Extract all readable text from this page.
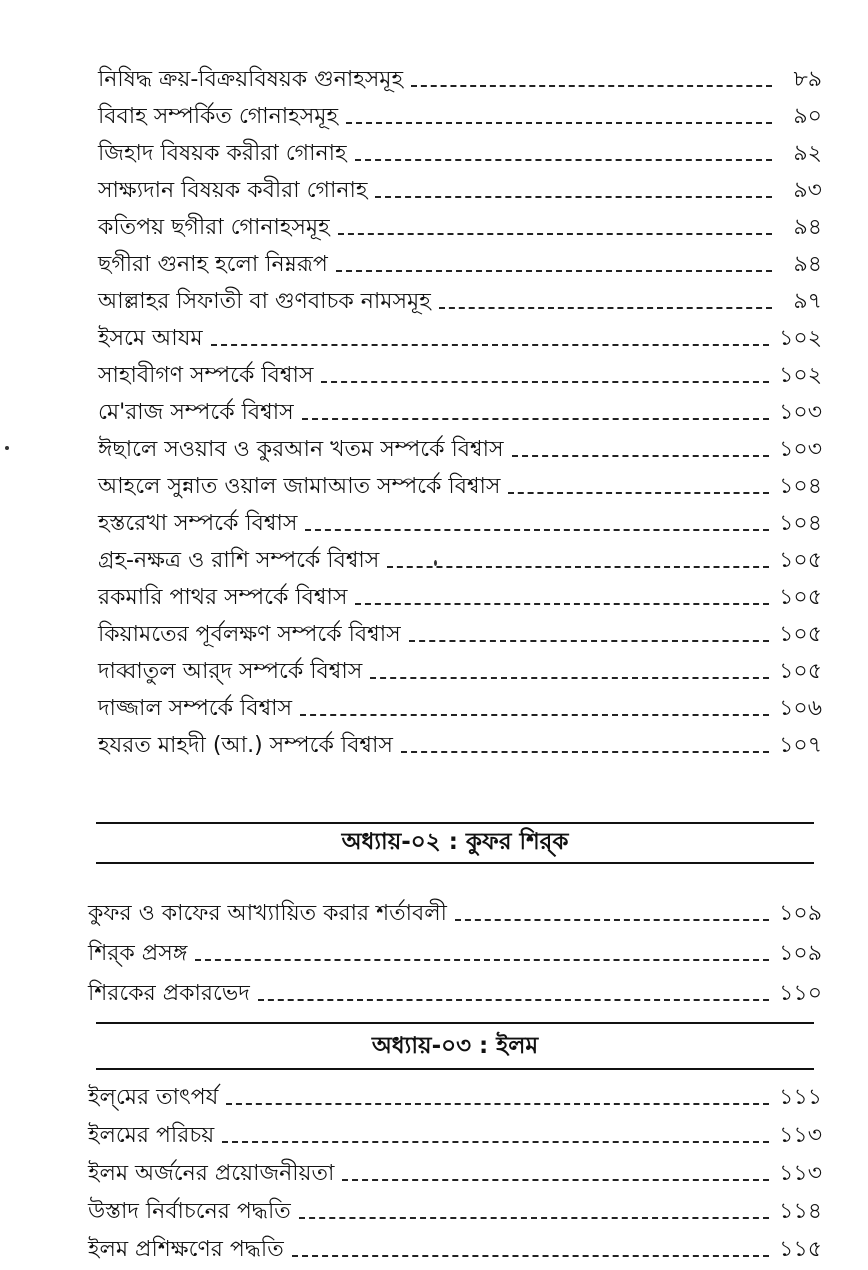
নিষিদ্ধ ক্রয়-বিক্রয়বিষয়ক গুনাহসমূহ	৮৯
বিবাহ সম্পর্কিত গোনাহসমূহ	৯০
জিহাদ বিষয়ক করীরা গোনাহ	৯২
সাক্ষ্যদান বিষয়ক কবীরা গোনাহ	৯৩
কতিপয় ছগীরা গোনাহসমূহ	৯৪
ছগীরা গুনাহ হলো নিম্নরূপ	৯৪
আল্লাহর সিফাতী বা গুণবাচক নামসমূহ	৯৭
ইসমে আযম	১০২
সাহাবীগণ সম্পর্কে বিশ্বাস	১০২
মে'রাজ সম্পর্কে বিশ্বাস	১০৩
ঈছালে সওয়াব ও কুরআন খতম সম্পর্কে বিশ্বাস	১০৩
আহলে সুন্নাত ওয়াল জামাআত সম্পর্কে বিশ্বাস	১০৪
হস্তরেখা সম্পর্কে বিশ্বাস	১০৪
গ্রহ-নক্ষত্র ও রাশি সম্পর্কে বিশ্বাস	১০৫
রকমারি পাথর সম্পর্কে বিশ্বাস	১০৫
কিয়ামতের পূর্বলক্ষণ সম্পর্কে বিশ্বাস	১০৫
দাব্বাতুল আর্‌দ সম্পর্কে বিশ্বাস	১০৫
দাজ্জাল সম্পর্কে বিশ্বাস	১০৬
হযরত মাহদী (আ.) সম্পর্কে বিশ্বাস	১০৭
অধ্যায়-০২ : কুফর শির্‌ক
কুফর ও কাফের আখ্যায়িত করার শর্তাবলী	১০৯
শির্‌ক প্রসঙ্গ	১০৯
শিরকের প্রকারভেদ	১১০
অধ্যায়-০৩ : ইলম
ইল্‌মের তাৎপর্য	১১১
ইলমের পরিচয়	১১৩
ইলম অর্জনের প্রয়োজনীয়তা	১১৩
উস্তাদ নির্বাচনের পদ্ধতি	১১৪
ইলম প্রশিক্ষণের পদ্ধতি	১১৫
